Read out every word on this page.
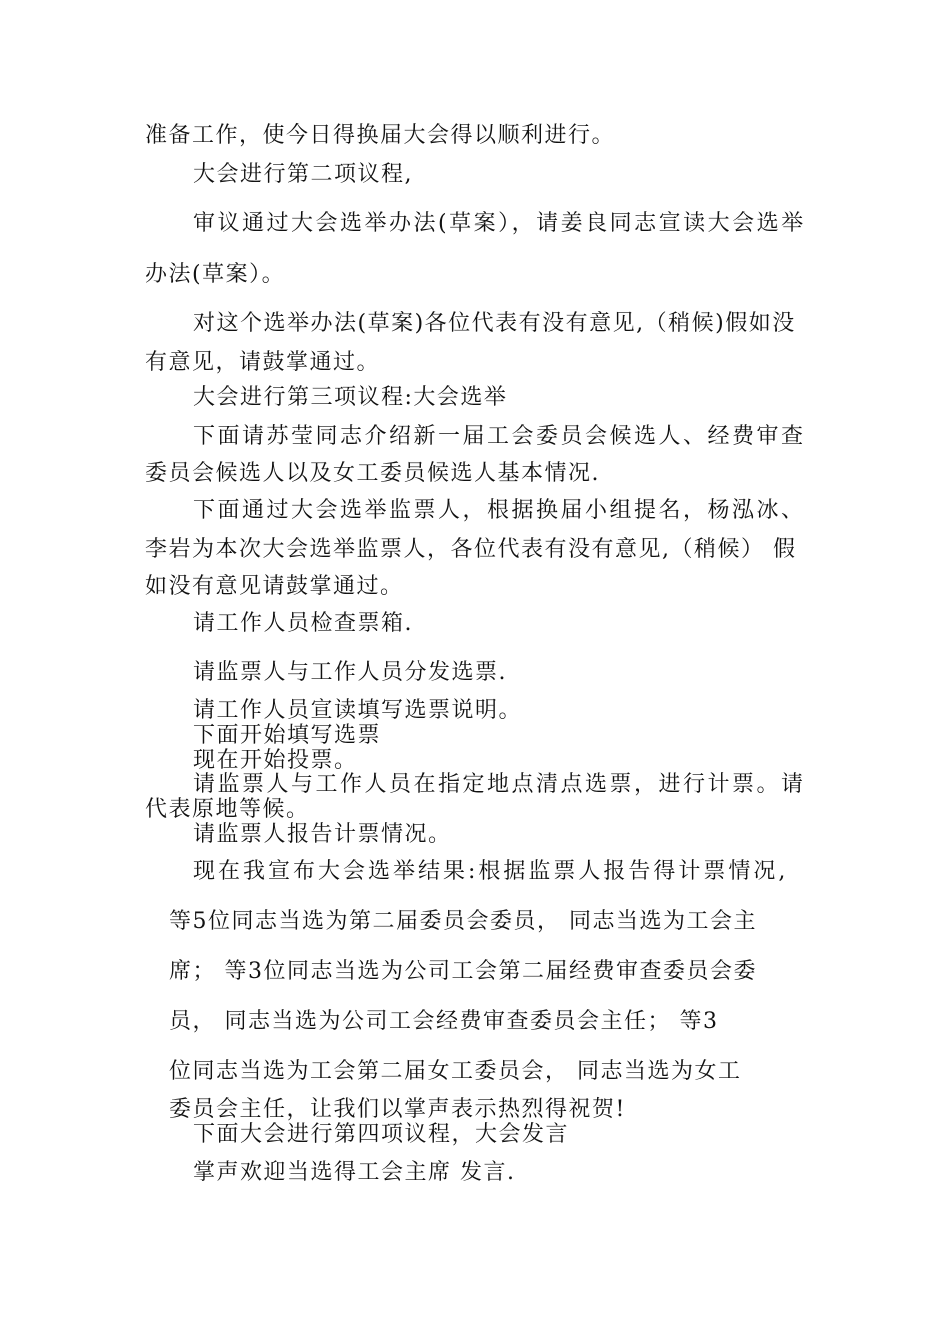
准备工作，使今日得换届大会得以顺利进行。
大会进行第二项议程,
审议通过大会选举办法(草案），请姜良同志宣读大会选举
办法(草案）。
对这个选举办法(草案)各位代表有没有意见,（稍候)假如没
有意见，请鼓掌通过。
大会进行第三项议程:大会选举
下面请苏莹同志介绍新一届工会委员会候选人、经费审查
委员会候选人以及女工委员候选人基本情况.
下面通过大会选举监票人，根据换届小组提名，杨泓冰、
李岩为本次大会选举监票人，各位代表有没有意见,（稍候） 假
如没有意见请鼓掌通过。
请工作人员检查票箱.
请监票人与工作人员分发选票.
请工作人员宣读填写选票说明。
下面开始填写选票
现在开始投票。
请监票人与工作人员在指定地点清点选票，进行计票。请
代表原地等候。
请监票人报告计票情况。
现在我宣布大会选举结果:根据监票人报告得计票情况,
等5位同志当选为第二届委员会委员， 同志当选为工会主
席； 等3位同志当选为公司工会第二届经费审查委员会委
员， 同志当选为公司工会经费审查委员会主任； 等3
位同志当选为工会第二届女工委员会， 同志当选为女工
委员会主任，让我们以掌声表示热烈得祝贺!
下面大会进行第四项议程，大会发言
掌声欢迎当选得工会主席 发言.
